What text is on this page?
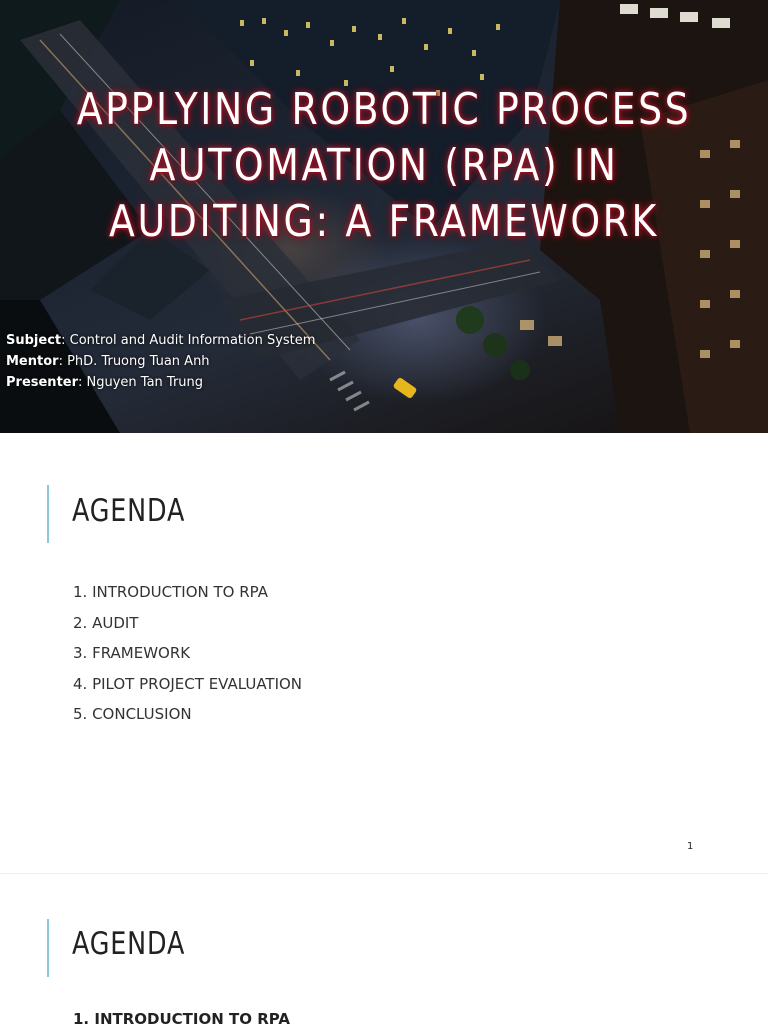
APPLYING ROBOTIC PROCESS
AUTOMATION (RPA) IN
AUDITING: A FRAMEWORK
Subject: Control and Audit Information System
Mentor: PhD. Truong Tuan Anh
Presenter: Nguyen Tan Trung
AGENDA
1. INTRODUCTION TO RPA
2. AUDIT
3. FRAMEWORK
4. PILOT PROJECT EVALUATION
5. CONCLUSION
1
AGENDA
1. INTRODUCTION TO RPA
